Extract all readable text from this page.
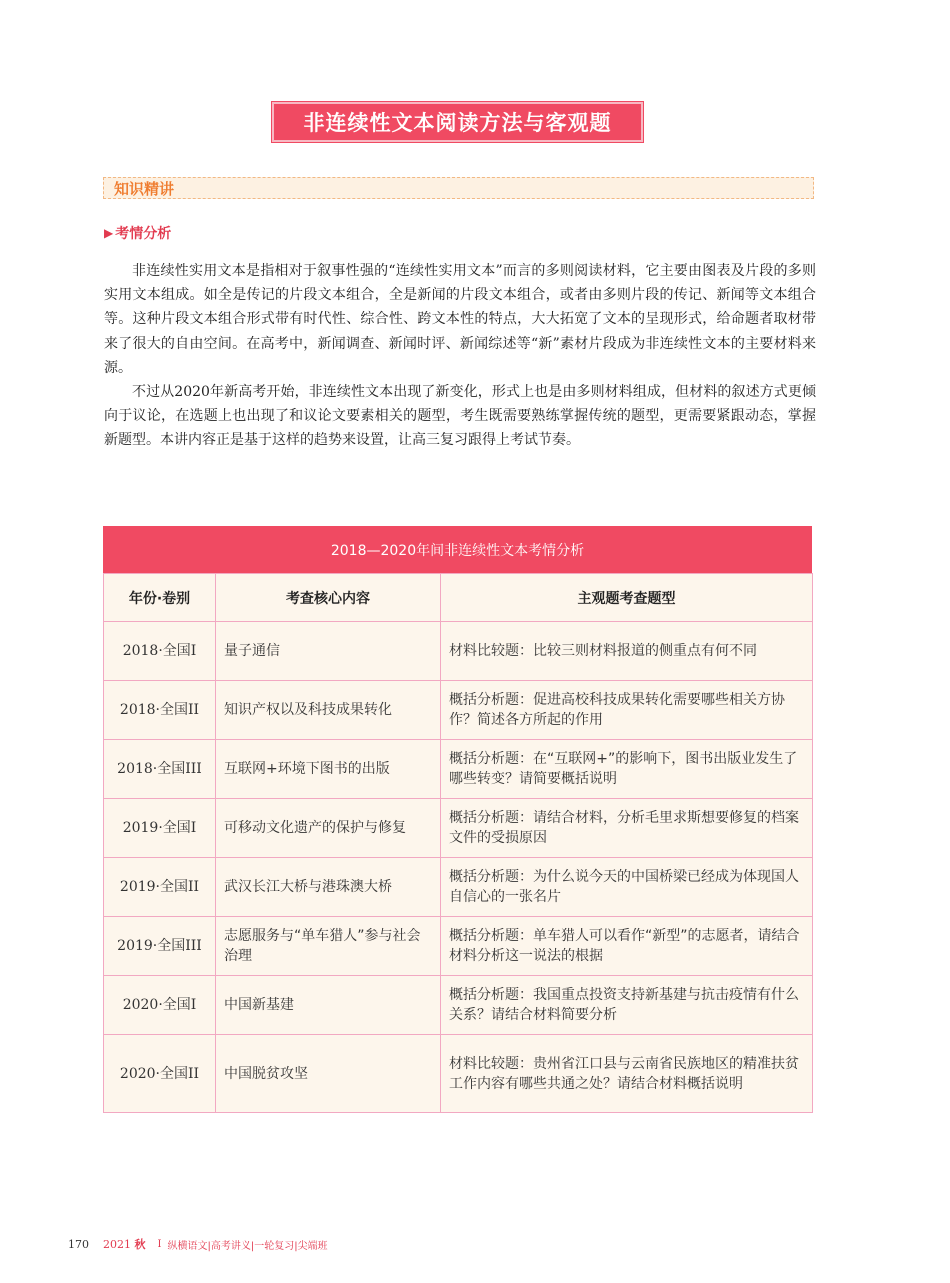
非连续性文本阅读方法与客观题
知识精讲
▶ 考情分析

非连续性实用文本是指相对于叙事性强的“连续性实用文本”而言的多则阅读材料，它主要由图表及片段的多则实用文本组成。如全是传记的片段文本组合，全是新闻的片段文本组合，或者由多则片段的传记、新闻等文本组合等。这种片段文本组合形式带有时代性、综合性、跨文本性的特点，大大拓宽了文本的呈现形式，给命题者取材带来了很大的自由空间。在高考中，新闻调查、新闻时评、新闻综述等“新”素材片段成为非连续性文本的主要材料来源。

不过从2020年新高考开始，非连续性文本出现了新变化，形式上也是由多则材料组成，但材料的叙述方式更倾向于议论，在选题上也出现了和议论文要素相关的题型，考生既需要熟练掌握传统的题型，更需要紧跟动态，掌握新题型。本讲内容正是基于这样的趋势来设置，让高三复习跟得上考试节奏。

2018—2020年间非连续性文本考情分析
年份·卷别	考查核心内容	主观题考查题型
2018·全国I	量子通信	材料比较题：比较三则材料报道的侧重点有何不同
2018·全国II	知识产权以及科技成果转化	概括分析题：促进高校科技成果转化需要哪些相关方协作？简述各方所起的作用
2018·全国III	互联网+环境下图书的出版	概括分析题：在“互联网+”的影响下，图书出版业发生了哪些转变？请简要概括说明
2019·全国I	可移动文化遗产的保护与修复	概括分析题：请结合材料，分析毛里求斯想要修复的档案文件的受损原因
2019·全国II	武汉长江大桥与港珠澳大桥	概括分析题：为什么说今天的中国桥梁已经成为体现国人自信心的一张名片
2019·全国III	志愿服务与“单车猎人”参与社会治理	概括分析题：单车猎人可以看作“新型”的志愿者，请结合材料分析这一说法的根据
2020·全国I	中国新基建	概括分析题：我国重点投资支持新基建与抗击疫情有什么关系？请结合材料简要分析
2020·全国II	中国脱贫攻坚	材料比较题：贵州省江口县与云南省民族地区的精准扶贫工作内容有哪些共通之处？请结合材料概括说明
170 2021 秋 I 纵横语文|高考讲义|一轮复习|尖端班
